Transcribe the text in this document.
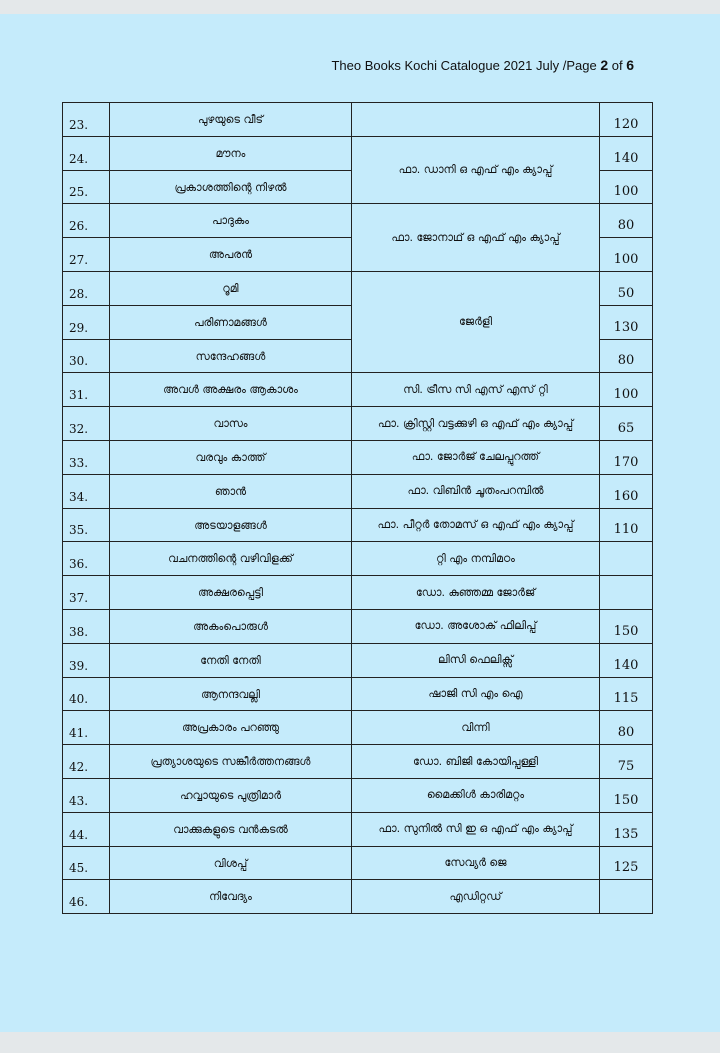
Theo Books Kochi Catalogue 2021 July /Page 2 of 6
23.	പുഴയുടെ വീട്		120
24.	മൗനം	ഫാ. ഡാനി ഒ എഫ് എം ക്യാപ്പ്	140
25.	പ്രകാശത്തിന്റെ നിഴൽ		100
26.	പാദുകം	ഫാ. ജോനാഥ് ഒ എഫ് എം ക്യാപ്പ്	80
27.	അപരൻ		100
28.	റൂമി	ജേർളി	50
29.	പരിണാമങ്ങൾ		130
30.	സന്ദേഹങ്ങൾ		80
31.	അവൾ അക്ഷരം ആകാശം	സി. ട്രീസ സി എസ് എസ് റ്റി	100
32.	വാസം	ഫാ. ക്രിസ്റ്റി വട്ടക്കുഴി ഒ എഫ് എം ക്യാപ്പ്	65
33.	വരവും കാത്ത്	ഫാ. ജോർജ് ചേലപ്പുറത്ത്	170
34.	ഞാൻ	ഫാ. വിബിൻ ചൂതംപറമ്പിൽ	160
35.	അടയാളങ്ങൾ	ഫാ. പീറ്റർ തോമസ് ഒ എഫ് എം ക്യാപ്പ്	110
36.	വചനത്തിന്റെ വഴിവിളക്ക്	റ്റി എം നമ്പിമഠം	
37.	അക്ഷരപ്പെട്ടി	ഡോ. കുഞ്ഞമ്മ ജോർജ്	
38.	അകംപൊരുൾ	ഡോ. അശോക് ഫിലിപ്പ്	150
39.	നേതി നേതി	ലിസി ഫെലിക്സ്	140
40.	ആനന്ദവല്ലി	ഷാജി സി എം ഐ	115
41.	അപ്രകാരം പറഞ്ഞു	വിന്നി	80
42.	പ്രത്യാശയുടെ സങ്കീർത്തനങ്ങൾ	ഡോ. ബിജി കോയിപ്പള്ളി	75
43.	ഹവ്വായുടെ പുത്രിമാർ	മൈക്കിൾ കാരിമറ്റം	150
44.	വാക്കുകളുടെ വൻകടൽ	ഫാ. സുനിൽ സി ഇ ഒ എഫ് എം ക്യാപ്പ്	135
45.	വിശപ്പ്	സേവ്യർ ജെ	125
46.	നിവേദ്യം	എഡിറ്റഡ്	
